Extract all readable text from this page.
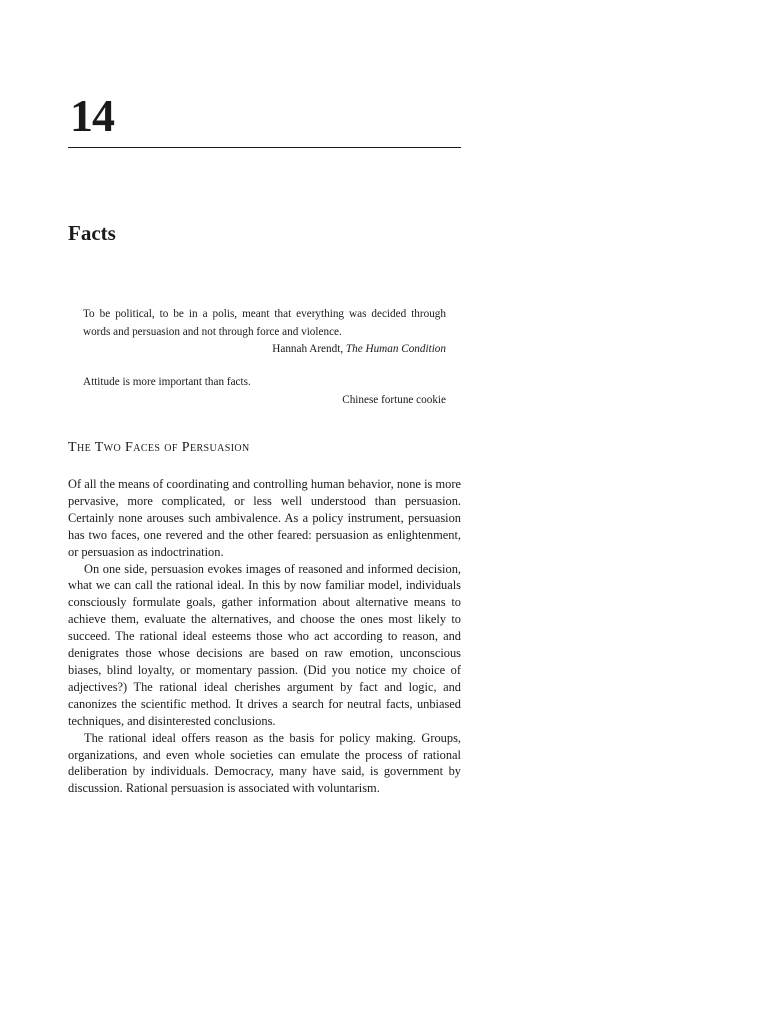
14
Facts

To be political, to be in a polis, meant that everything was decided through words and persuasion and not through force and violence.

Hannah Arendt, The Human Condition

Attitude is more important than facts.

Chinese fortune cookie

The Two Faces of Persuasion

Of all the means of coordinating and controlling human behavior, none is more pervasive, more complicated, or less well understood than persuasion. Certainly none arouses such ambivalence. As a policy instrument, persuasion has two faces, one revered and the other feared: persuasion as enlightenment, or persuasion as indoctrination.

On one side, persuasion evokes images of reasoned and informed decision, what we can call the rational ideal. In this by now familiar model, individuals consciously formulate goals, gather information about alternative means to achieve them, evaluate the alternatives, and choose the ones most likely to succeed. The rational ideal esteems those who act according to reason, and denigrates those whose decisions are based on raw emotion, unconscious biases, blind loyalty, or momentary passion. (Did you notice my choice of adjectives?) The rational ideal cherishes argument by fact and logic, and canonizes the scientific method. It drives a search for neutral facts, unbiased techniques, and disinterested conclusions.

The rational ideal offers reason as the basis for policy making. Groups, organizations, and even whole societies can emulate the process of rational deliberation by individuals. Democracy, many have said, is government by discussion. Rational persuasion is associated with voluntarism.
